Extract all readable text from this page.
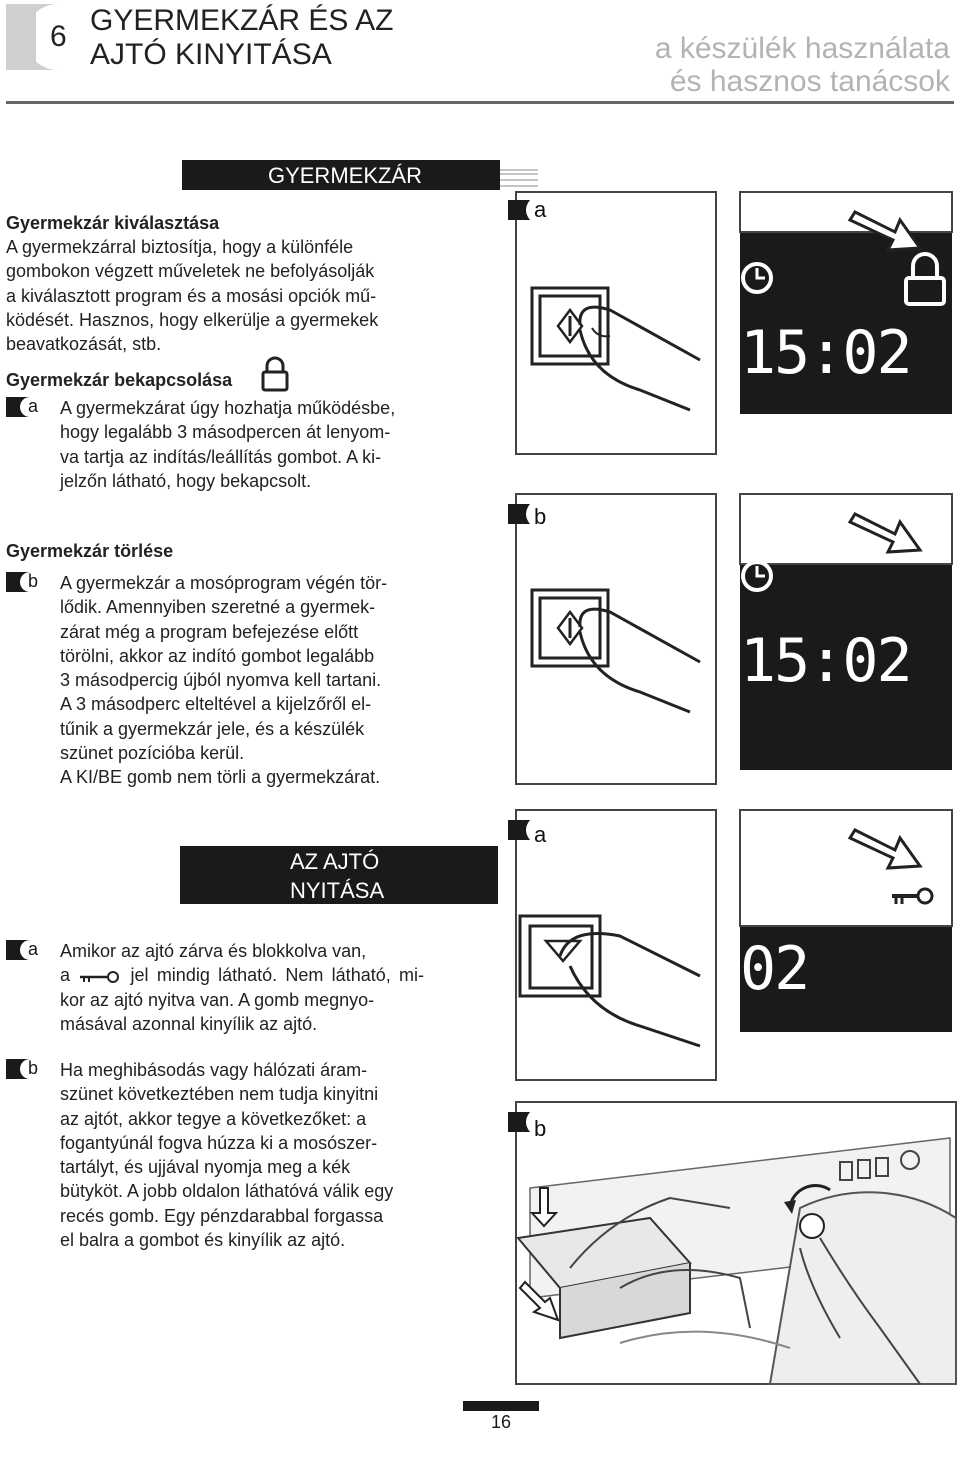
6 GYERMEKZÁR ÉS AZ
AJTÓ KINYITÁSA	a készülék használata
és hasznos tanácsok
GYERMEKZÁR
Gyermekzár kiválasztása
A gyermekzárral biztosítja, hogy a különféle
gombokon végzett műveletek ne befolyásolják
a kiválasztott program és a mosási opciók mű-
ködését. Hasznos, hogy elkerülje a gyermekek
beavatkozását, stb.
Gyermekzár bekapcsolása
a A gyermekzárat úgy hozhatja működésbe,
hogy legalább 3 másodpercen át lenyom-
va tartja az indítás/leállítás gombot. A ki-
jelzőn látható, hogy bekapcsolt.
Gyermekzár törlése
b A gyermekzár a mosóprogram végén tör-
lődik. Amennyiben szeretné a gyermek-
zárat még a program befejezése előtt
törölni, akkor az indító gombot legalább
3 másodpercig újból nyomva kell tartani.
A 3 másodperc elteltével a kijelzőről el-
tűnik a gyermekzár jele, és a készülék
szünet pozícióba kerül.
A KI/BE gomb nem törli a gyermekzárat.
AZ AJTÓ
NYITÁSA
a Amikor az ajtó zárva és blokkolva van,
a	jel mindig látható. Nem látható, mi-
kor az ajtó nyitva van. A gomb megnyo-
másával azonnal kinyílik az ajtó.
b Ha meghibásodás vagy hálózati áram-
szünet következtében nem tudja kinyitni
az ajtót, akkor tegye a következőket: a
fogantyúnál fogva húzza ki a mosószer-
tartályt, és ujjával nyomja meg a kék
bütyköt. A jobb oldalon láthatóvá válik egy
recés gomb. Egy pénzdarabbal forgassa
el balra a gombot és kinyílik az ajtó.
a
15:02
b
15:02
a
02
b
16
